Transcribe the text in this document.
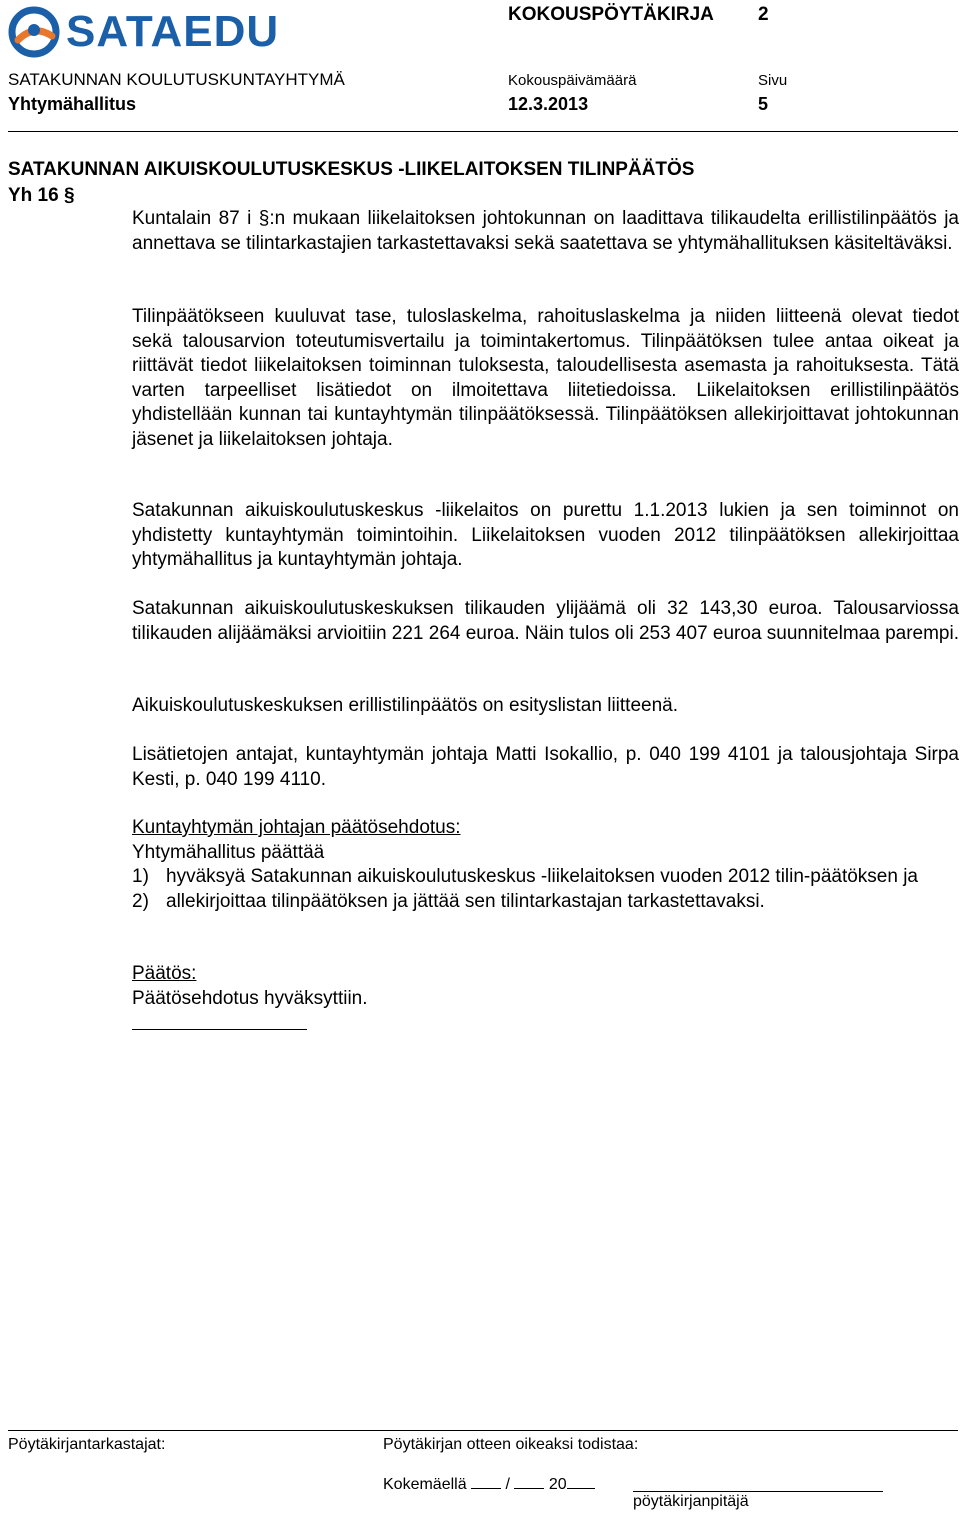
SATAEDU	KOKOUSPÖYTÄKIRJA 2
SATAKUNNAN KOULUTUSKUNTAYHTYMÄ	Kokouspäivämäärä	Sivu
Yhtymähallitus	12.3.2013	5
SATAKUNNAN AIKUISKOULUTUSKESKUS -LIIKELAITOKSEN TILINPÄÄTÖS
Yh 16 §
Kuntalain 87 i §:n mukaan liikelaitoksen johtokunnan on laadittava tilikaudelta erillistilinpäätös ja annettava se tilintarkastajien tarkastettavaksi sekä saatettava se yhtymähallituksen käsiteltäväksi.
Tilinpäätökseen kuuluvat tase, tuloslaskelma, rahoituslaskelma ja niiden liitteenä olevat tiedot sekä talousarvion toteutumisvertailu ja toimintakertomus. Tilinpäätöksen tulee antaa oikeat ja riittävät tiedot liikelaitoksen toiminnan tuloksesta, taloudellisesta asemasta ja rahoituksesta. Tätä varten tarpeelliset lisätiedot on ilmoitettava liitetiedoissa. Liikelaitoksen erillistilinpäätös yhdistellään kunnan tai kuntayhtymän tilinpäätöksessä. Tilinpäätöksen allekirjoittavat johtokunnan jäsenet ja liikelaitoksen johtaja.
Satakunnan aikuiskoulutuskeskus -liikelaitos on purettu 1.1.2013 lukien ja sen toiminnot on yhdistetty kuntayhtymän toimintoihin. Liikelaitoksen vuoden 2012 tilinpäätöksen allekirjoittaa yhtymähallitus ja kuntayhtymän johtaja.
Satakunnan aikuiskoulutuskeskuksen tilikauden ylijäämä oli 32 143,30 euroa. Talousarviossa tilikauden alijäämäksi arvioitiin 221 264 euroa. Näin tulos oli 253 407 euroa suunnitelmaa parempi.
Aikuiskoulutuskeskuksen erillistilinpäätös on esityslistan liitteenä.
Lisätietojen antajat, kuntayhtymän johtaja Matti Isokallio, p. 040 199 4101 ja talousjohtaja Sirpa Kesti, p. 040 199 4110.
Kuntayhtymän johtajan päätösehdotus:
Yhtymähallitus päättää
1) hyväksyä Satakunnan aikuiskoulutuskeskus -liikelaitoksen vuoden 2012 tilin-päätöksen ja
2) allekirjoittaa tilinpäätöksen ja jättää sen tilintarkastajan tarkastettavaksi.
Päätös:
Päätösehdotus hyväksyttiin.
Pöytäkirjantarkastajat:	Pöytäkirjan otteen oikeaksi todistaa:
Kokemäellä / 20
pöytäkirjanpitäjä
